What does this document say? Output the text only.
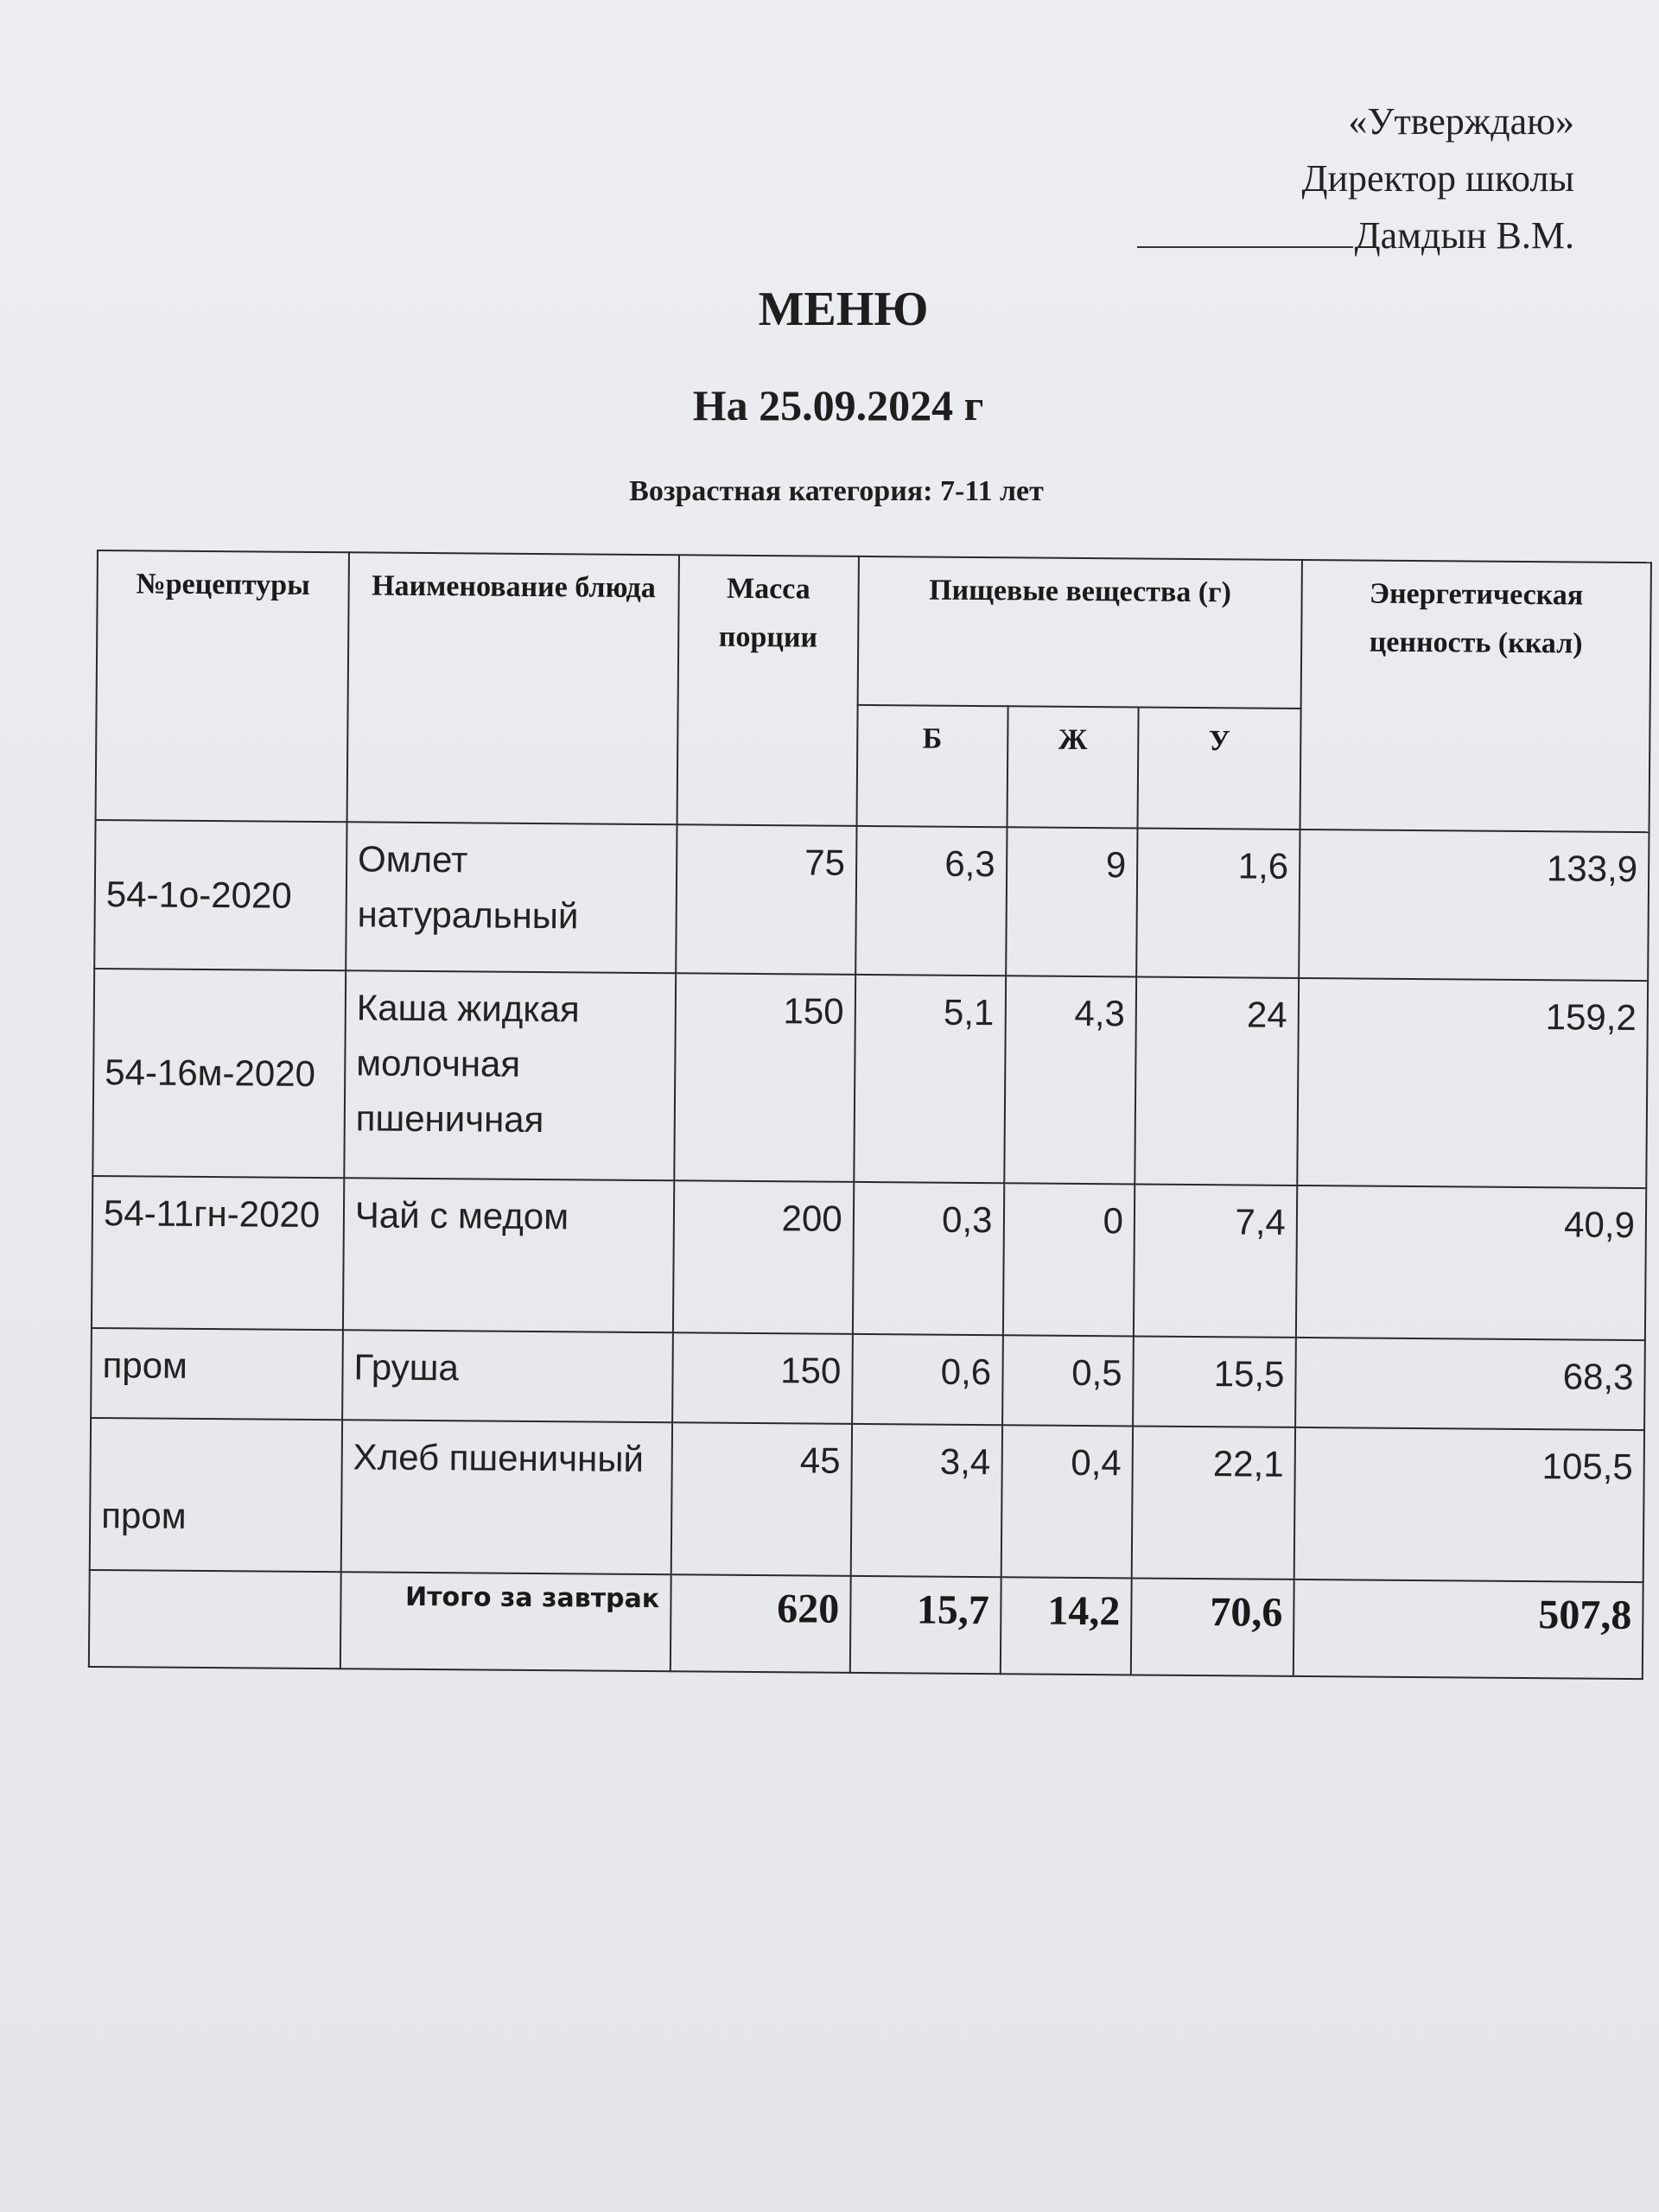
«Утверждаю»
Директор школы
Дамдын В.М.
МЕНЮ
На 25.09.2024 г
Возрастная категория: 7-11 лет
№рецептуры	Наименование блюда	Масса порции	Пищевые вещества (г)			Энергетическая ценность (ккал)
			Б	Ж	У	
54-1о-2020	Омлет натуральный	75	6,3	9	1,6	133,9
54-16м-2020	Каша жидкая молочная пшеничная	150	5,1	4,3	24	159,2
54-11гн-2020	Чай с медом	200	0,3	0	7,4	40,9
пром	Груша	150	0,6	0,5	15,5	68,3
пром	Хлеб пшеничный	45	3,4	0,4	22,1	105,5
	Итого за завтрак	620	15,7	14,2	70,6	507,8
